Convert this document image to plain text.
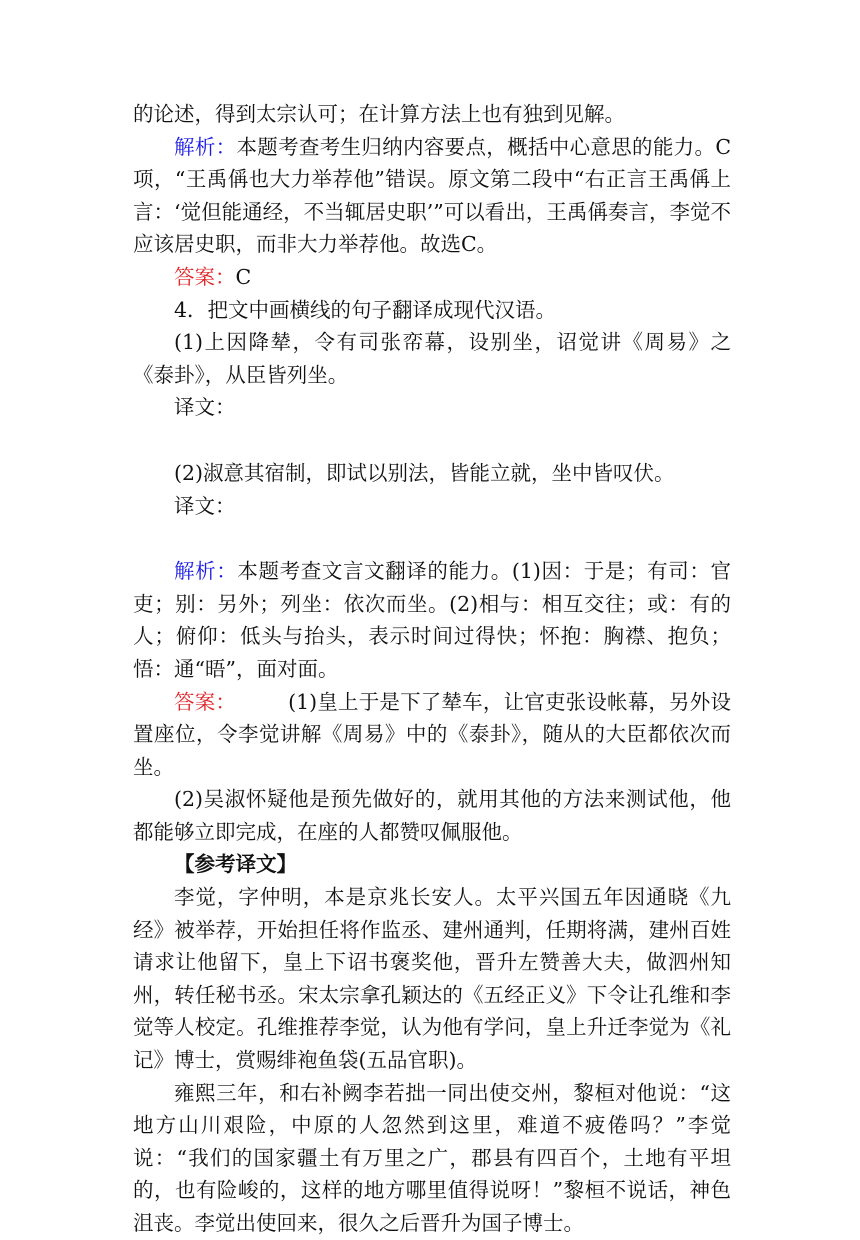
的论述，得到太宗认可；在计算方法上也有独到见解。

解析：本题考查考生归纳内容要点，概括中心意思的能力。C项，“王禹偁也大力举荐他”错误。原文第二段中“右正言王禹偁上言：‘觉但能通经，不当辄居史职’”可以看出，王禹偁奏言，李觉不应该居史职，而非大力举荐他。故选C。

答案：C

4．把文中画横线的句子翻译成现代汉语。

(1)上因降辇，令有司张帟幕，设别坐，诏觉讲《周易》之《泰卦》，从臣皆列坐。

译文：

(2)淑意其宿制，即试以别法，皆能立就，坐中皆叹伏。

译文：

解析：本题考查文言文翻译的能力。(1)因：于是；有司：官吏；别：另外；列坐：依次而坐。(2)相与：相互交往；或：有的人；俯仰：低头与抬头，表示时间过得快；怀抱：胸襟、抱负；悟：通“晤”，面对面。

答案：	(1)皇上于是下了辇车，让官吏张设帐幕，另外设置座位，令李觉讲解《周易》中的《泰卦》，随从的大臣都依次而坐。

(2)吴淑怀疑他是预先做好的，就用其他的方法来测试他，他都能够立即完成，在座的人都赞叹佩服他。

【参考译文】

李觉，字仲明，本是京兆长安人。太平兴国五年因通晓《九经》被举荐，开始担任将作监丞、建州通判，任期将满，建州百姓请求让他留下，皇上下诏书褒奖他，晋升左赞善大夫，做泗州知州，转任秘书丞。宋太宗拿孔颖达的《五经正义》下令让孔维和李觉等人校定。孔维推荐李觉，认为他有学问，皇上升迁李觉为《礼记》博士，赏赐绯袍鱼袋(五品官职)。

雍熙三年，和右补阙李若拙一同出使交州，黎桓对他说：“这地方山川艰险，中原的人忽然到这里，难道不疲倦吗？”李觉说：“我们的国家疆土有万里之广，郡县有四百个，土地有平坦的，也有险峻的，这样的地方哪里值得说呀！”黎桓不说话，神色沮丧。李觉出使回来，很久之后晋升为国子博士。
